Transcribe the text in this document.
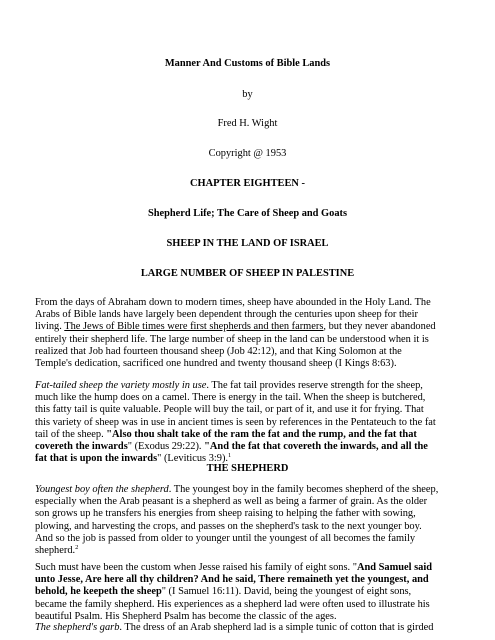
Manner And Customs of Bible Lands
by
Fred H. Wight
Copyright @ 1953
CHAPTER EIGHTEEN -
Shepherd Life; The Care of Sheep and Goats
SHEEP IN THE LAND OF ISRAEL
LARGE NUMBER OF SHEEP IN PALESTINE
From the days of Abraham down to modern times, sheep have abounded in the Holy Land. The
Arabs of Bible lands have largely been dependent through the centuries upon sheep for their
living. The Jews of Bible times were first shepherds and then farmers, but they never abandoned
entirely their shepherd life. The large number of sheep in the land can be understood when it is
realized that Job had fourteen thousand sheep (Job 42:12), and that King Solomon at the
Temple's dedication, sacrificed one hundred and twenty thousand sheep (I Kings 8:63).
Fat-tailed sheep the variety mostly in use. The fat tail provides reserve strength for the sheep,
much like the hump does on a camel. There is energy in the tail. When the sheep is butchered,
this fatty tail is quite valuable. People will buy the tail, or part of it, and use it for frying. That
this variety of sheep was in use in ancient times is seen by references in the Pentateuch to the fat
tail of the sheep. "Also thou shalt take of the ram the fat and the rump, and the fat that
covereth the inwards" (Exodus 29:22). "And the fat that covereth the inwards, and all the
fat that is upon the inwards" (Leviticus 3:9).$^1$
THE SHEPHERD
Youngest boy often the shepherd. The youngest boy in the family becomes shepherd of the sheep,
especially when the Arab peasant is a shepherd as well as being a farmer of grain. As the older
son grows up he transfers his energies from sheep raising to helping the father with sowing,
plowing, and harvesting the crops, and passes on the shepherd's task to the next younger boy.
And so the job is passed from older to younger until the youngest of all becomes the family
shepherd.$^2$
Such must have been the custom when Jesse raised his family of eight sons. "And Samuel said
unto Jesse, Are here all thy children? And he said, There remaineth yet the youngest, and
behold, he keepeth the sheep" (I Samuel 16:11). David, being the youngest of eight sons,
became the family shepherd. His experiences as a shepherd lad were often used to illustrate his
beautiful Psalm. His Shepherd Psalm has become the classic of the ages.
The shepherd's garb. The dress of an Arab shepherd lad is a simple tunic of cotton that is girded
